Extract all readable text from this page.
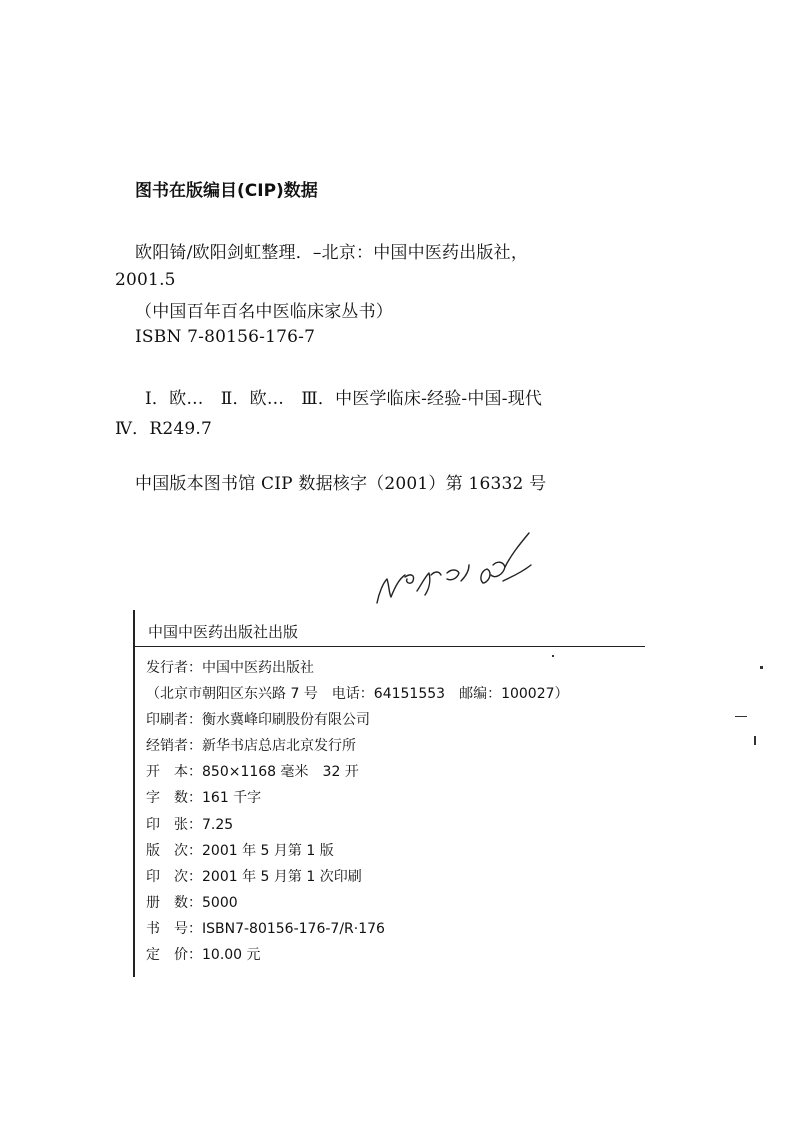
图书在版编目(CIP)数据
欧阳锜/欧阳剑虹整理．–北京：中国中医药出版社，
2001.5
（中国百年百名中医临床家丛书）
ISBN 7-80156-176-7
Ⅰ．欧…　Ⅱ．欧…　Ⅲ．中医学临床-经验-中国-现代
Ⅳ．R249.7
中国版本图书馆 CIP 数据核字（2001）第 16332 号
中国中医药出版社出版
发行者：中国中医药出版社
（北京市朝阳区东兴路 7 号　电话：64151553　邮编：100027）
印刷者：衡水冀峰印刷股份有限公司
经销者：新华书店总店北京发行所
开　本：850×1168 毫米　32 开
字　数：161 千字
印　张：7.25
版　次：2001 年 5 月第 1 版
印　次：2001 年 5 月第 1 次印刷
册　数：5000
书　号：ISBN7-80156-176-7/R·176
定　价：10.00 元
